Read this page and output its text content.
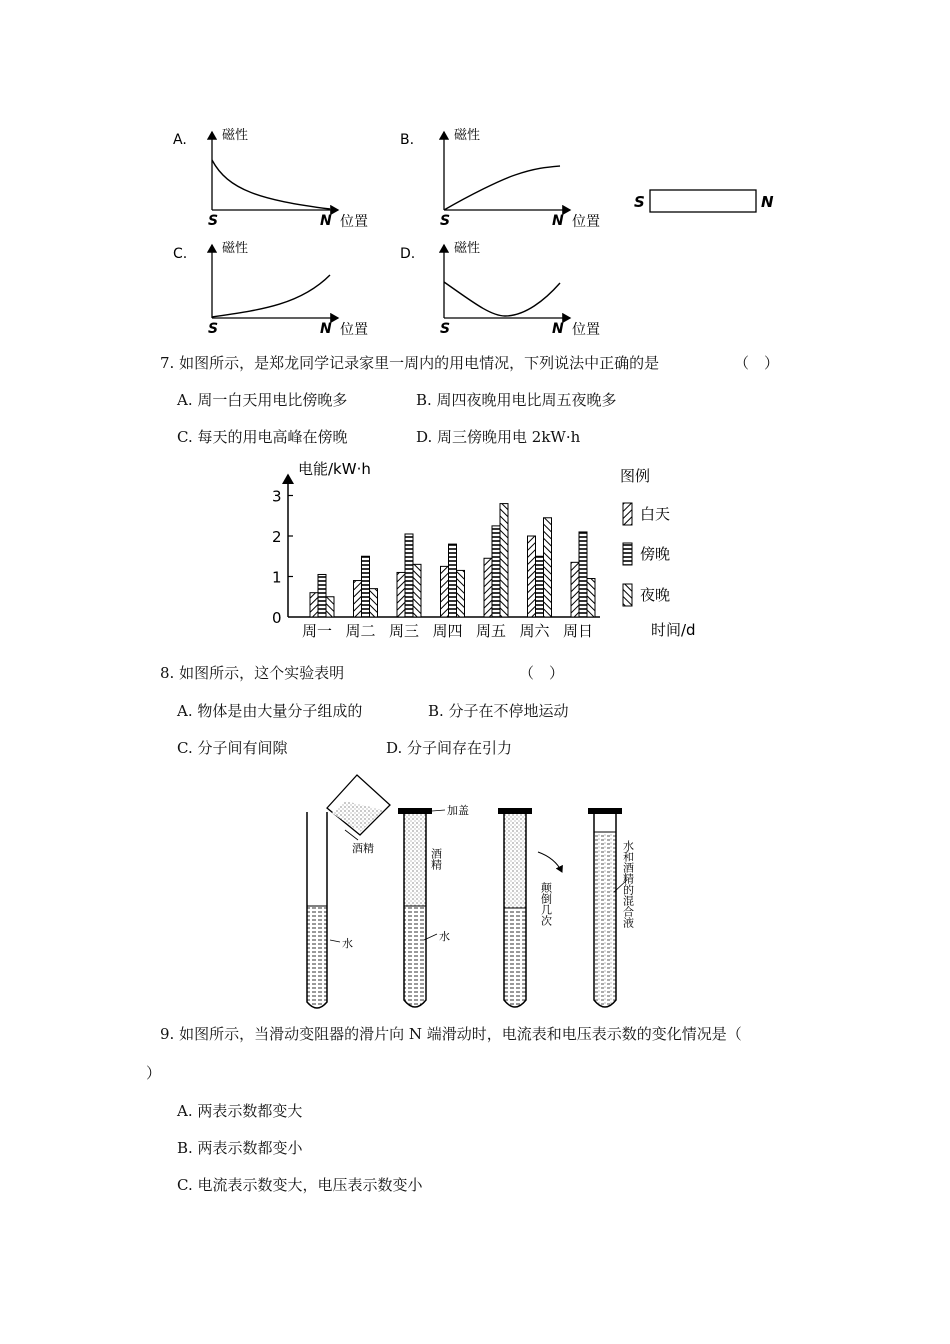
A.	磁性
S	N 位置
B.	磁性
S	N 位置
C.	磁性
S	N 位置
D.	磁性
S	N 位置
S	N
7. 如图所示，是郑龙同学记录家里一周内的用电情况，下列说法中正确的是	（　）
A. 周一白天用电比傍晚多	B. 周四夜晚用电比周五夜晚多
C. 每天的用电高峰在傍晚	D. 周三傍晚用电 2kW·h
电能/kW·h
时间/d
0
1
2
3
周一 周二 周三 周四 周五 周六 周日
图例
白天
傍晚
夜晚
8. 如图所示，这个实验表明	（　）
A. 物体是由大量分子组成的	B. 分子在不停地运动
C. 分子间有间隙	D. 分子间存在引力
酒精
水
加盖
酒精
水
颠倒几次	水和酒精的混合液
9. 如图所示，当滑动变阻器的滑片向 N 端滑动时，电流表和电压表示数的变化情况是（
）
A. 两表示数都变大
B. 两表示数都变小
C. 电流表示数变大，电压表示数变小
